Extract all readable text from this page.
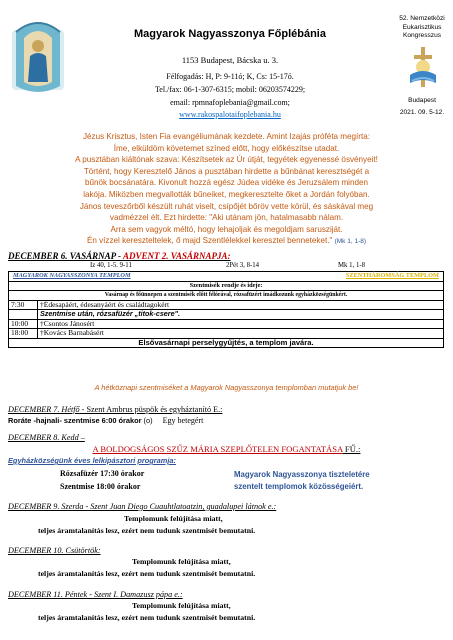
Magyarok Nagyasszonya Főplébánia
1153 Budapest, Bácska u. 3.
Félfogadás: H, P: 9-11ó; K, Cs: 15-17ó.
Tel./fax: 06-1-307-6315; mobil: 06203574229;
email: rpmnafoplebania@gmail.com;
www.rakospalotaifoplebania.hu
52. Nemzetközi
Eukarisztikus
Kongresszus
Budapest
2021. 09. 5-12.
Jézus Krisztus, Isten Fia evangéliumának kezdete. Amint Izajás próféta megírta:
Íme, elküldöm követemet színed előtt, hogy előkészítse utadat.
A pusztában kiáltónak szava: Készítsetek az Úr útját, tegyétek egyenessé ösvényeit!
Történt, hogy Keresztelő János a pusztában hirdette a bűnbánat keresztségét a
bűnök bocsánatára. Kivonult hozzá egész Júdea vidéke és Jeruzsálem minden
lakója. Miközben megvallották bűneiket, megkeresztelte őket a Jordán folyóban.
János teveszőrből készült ruhát viselt, csípőjét bőröv vette körül, és sáskával meg
vadmézzel élt. Ezt hirdette: "Aki utánam jön, hatalmasabb nálam.
Arra sem vagyok méltó, hogy lehajoljak és megoldjam sarusziját.
Én vízzel kereszteltelek, ő majd Szentlélekkel keresztel benneteket." (Mk 1, 1-8)
DECEMBER 6. VASÁRNAP - ADVENT 2. VASÁRNAPJA:
Iz 40, 1-5. 9-11	2Pét 3, 8-14	Mk 1, 1-8
MAGYAROK NAGYASSZONYA TEMPLOM SZENTHÁROMSÁG TEMPLOM	

Szentmisék rendje és ideje:	
Vasárnap és főünnepen a szentmisék előtt félórával, rózsafüzért imádkozunk egyházközségünkért.	
7:30	†Édesapáért, édesanyáért és családtagokért
	Szentmise után, rózsafüzér „titok-csere".
10:00	†Csontos Jánosért
18:00	†Kovács Barnabásért
Elsővasárnapi perselygyűjtés, a templom javára.	
A hétköznapi szentmiséket a Magyarok Nagyasszonya templomban mutatjuk be!
DECEMBER 7. Hétfő - Szent Ambrus püspök és egyháztanító E.:
Roráte -hajnali- szentmise 6:00 órakor (o) Egy betegért
DECEMBER 8. Kedd –
A BOLDOGSÁGOS SZŰZ MÁRIA SZEPLŐTELEN FOGANTATÁSA FŰ.:
Egyházközségünk éves lelkipásztori programja:
Rózsafüzér 17:30 órakor
Szentmise 18:00 órakor
Magyarok Nagyasszonya tiszteletére
szentelt templomok közösségeiért.
DECEMBER 9. Szerda - Szent Juan Diego Cuauhtlatoatzin, guadalupei látnok e.:
Templomunk felújítása miatt,
teljes áramtalanítás lesz, ezért nem tudunk szentmisét bemutatni.
DECEMBER 10. Csütörtök:
Templomunk felújítása miatt,
teljes áramtalanítás lesz, ezért nem tudunk szentmisét bemutatni.
DECEMBER 11. Péntek - Szent I. Damazusz pápa e.:
Templomunk felújítása miatt,
teljes áramtalanítás lesz, ezért nem tudunk szentmisét bemutatni.
